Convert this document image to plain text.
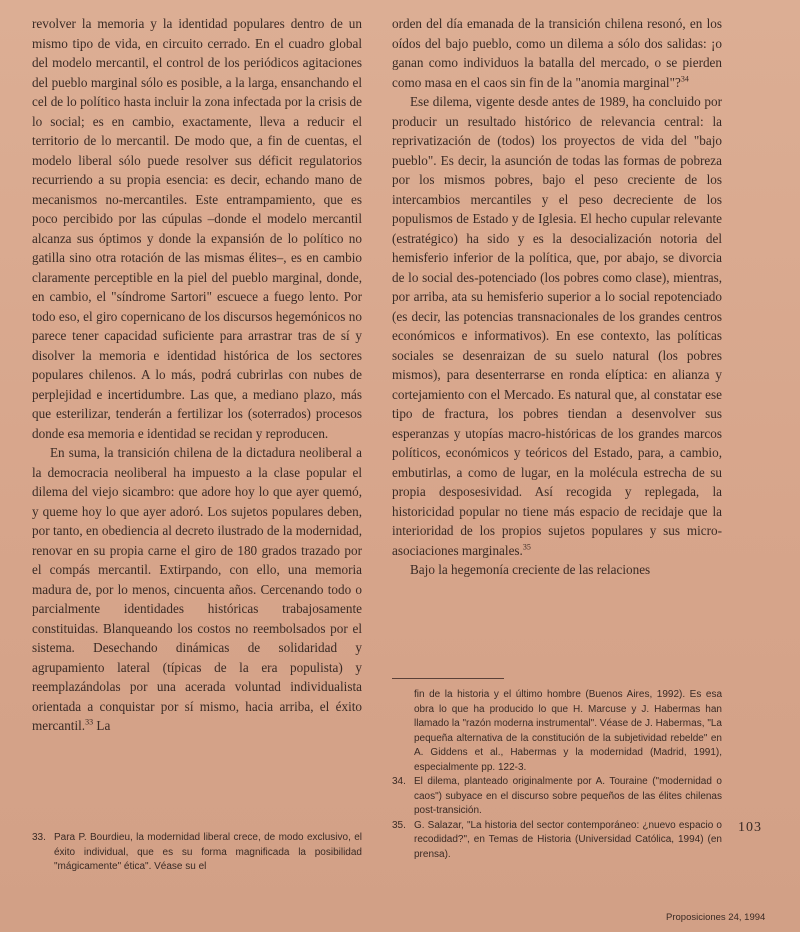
revolver la memoria y la identidad populares dentro de un mismo tipo de vida, en circuito cerrado. En el cuadro global del modelo mercantil, el control de los periódicos agitaciones del pueblo marginal sólo es posible, a la larga, ensanchando el cel de lo político hasta incluir la zona infectada por la crisis de lo social; es en cambio, exactamente, lleva a reducir el territorio de lo mercantil. De modo que, a fin de cuentas, el modelo liberal sólo puede resolver sus déficit regulatorios recurriendo a su propia esencia: es decir, echando mano de mecanismos no-mercantiles. Este entrampamiento, que es poco percibido por las cúpulas –donde el modelo mercantil alcanza sus óptimos y donde la expansión de lo político no gatilla sino otra rotación de las mismas élites–, es en cambio claramente perceptible en la piel del pueblo marginal, donde, en cambio, el "síndrome Sartori" escuece a fuego lento. Por todo eso, el giro copernicano de los discursos hegemónicos no parece tener capacidad suficiente para arrastrar tras de sí y disolver la memoria e identidad histórica de los sectores populares chilenos. A lo más, podrá cubrirlas con nubes de perplejidad e incertidumbre. Las que, a mediano plazo, más que esterilizar, tenderán a fertilizar los (soterrados) procesos donde esa memoria e identidad se recidan y reproducen.

En suma, la transición chilena de la dictadura neoliberal a la democracia neoliberal ha impuesto a la clase popular el dilema del viejo sicambro: que adore hoy lo que ayer quemó, y queme hoy lo que ayer adoró. Los sujetos populares deben, por tanto, en obediencia al decreto ilustrado de la modernidad, renovar en su propia carne el giro de 180 grados trazado por el compás mercantil. Extirpando, con ello, una memoria madura de, por lo menos, cincuenta años. Cercenando todo o parcialmente identidades históricas trabajosamente constituidas. Blanqueando los costos no reembolsados por el sistema. Desechando dinámicas de solidaridad y agrupamiento lateral (típicas de la era populista) y reemplazándolas por una acerada voluntad individualista orientada a conquistar por sí mismo, hacia arriba, el éxito mercantil.$^{33}$ La

33. Para P. Bourdieu, la modernidad liberal crece, de modo exclusivo, el éxito individual, que es su forma magnificada la posibilidad "mágicamente" ética". Véase su el

orden del día emanada de la transición chilena resonó, en los oídos del bajo pueblo, como un dilema a sólo dos salidas: ¡o ganan como individuos la batalla del mercado, o se pierden como masa en el caos sin fin de la "anomia marginal"?$^{34}$

Ese dilema, vigente desde antes de 1989, ha concluido por producir un resultado histórico de relevancia central: la reprivatización de (todos) los proyectos de vida del "bajo pueblo". Es decir, la asunción de todas las formas de pobreza por los mismos pobres, bajo el peso creciente de los intercambios mercantiles y el peso decreciente de los populismos de Estado y de Iglesia. El hecho cupular relevante (estratégico) ha sido y es la desocialización notoria del hemisferio inferior de la política, que, por abajo, se divorcia de lo social des-potenciado (los pobres como clase), mientras, por arriba, ata su hemisferio superior a lo social repotenciado (es decir, las potencias transnacionales de los grandes centros económicos e informativos). En ese contexto, las políticas sociales se desenraizan de su suelo natural (los pobres mismos), para desenterrarse en ronda elíptica: en alianza y cortejamiento con el Mercado. Es natural que, al constatar ese tipo de fractura, los pobres tiendan a desenvolver sus esperanzas y utopías macro-históricas de los grandes marcos políticos, económicos y teóricos del Estado, para, a cambio, embutirlas, a como de lugar, en la molécula estrecha de su propia desposesividad. Así recogida y replegada, la historicidad popular no tiene más espacio de recidaje que la interioridad de los propios sujetos populares y sus micro-asociaciones marginales.$^{35}$

Bajo la hegemonía creciente de las relaciones

fin de la historia y el último hombre (Buenos Aires, 1992). Es esa obra lo que ha producido lo que H. Marcuse y J. Habermas han llamado la "razón moderna instrumental". Véase de J. Habermas, "La pequeña alternativa de la constitución de la subjetividad rebelde" en A. Giddens et al., Habermas y la modernidad (Madrid, 1991), especialmente pp. 122-3.

34. El dilema, planteado originalmente por A. Touraine ("modernidad o caos") subyace en el discurso sobre pequeños de las élites chilenas post-transición.
35. G. Salazar, "La historia del sector contemporáneo: ¿nuevo espacio o recodidad?", en Temas de Historia (Universidad Católica, 1994) (en prensa).
103
Proposiciones 24, 1994
